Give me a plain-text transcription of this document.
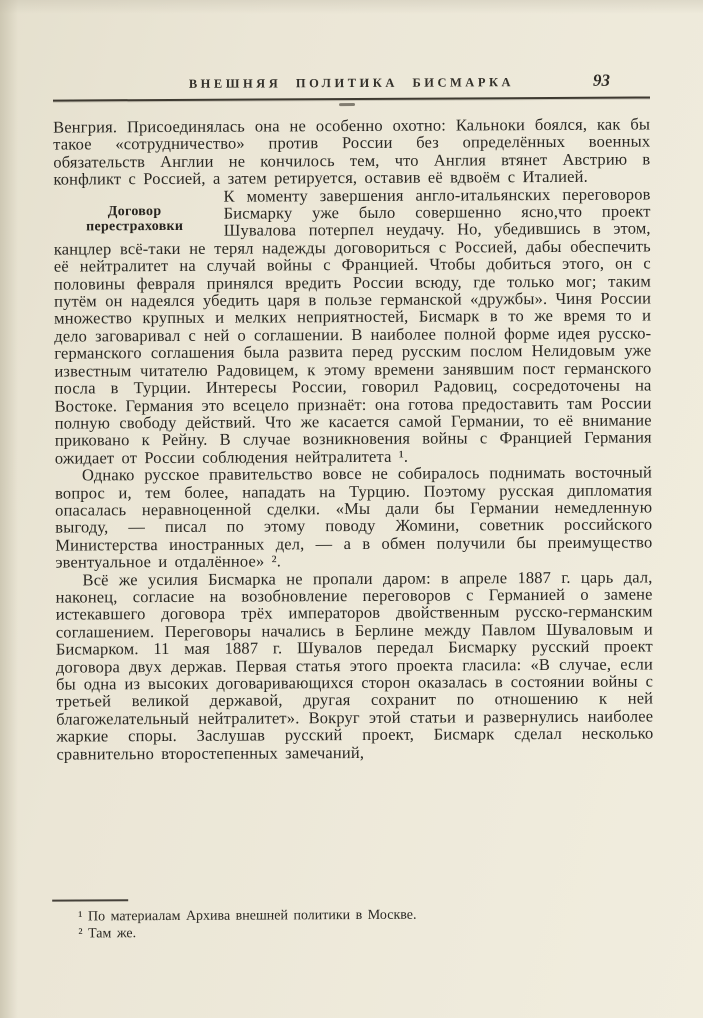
ВНЕШНЯЯ ПОЛИТИКА БИСМАРКА	93

Венгрия. Присоединялась она не особенно охотно: Кальноки боялся, как бы такое «сотрудничество» против России без определённых военных обязательств Англии не кончилось тем, что Англия втянет Австрию в конфликт с Россией, а затем ретируется, оставив её вдвоём с Италией.

Договор
перестраховки

К моменту завершения англо-итальянских переговоров Бисмарку уже было совершенно ясно,что проект Шувалова потерпел неудачу. Но, убедившись в этом, канцлер всё-таки не терял надежды договориться с Россией, дабы обеспечить её нейтралитет на случай войны с Францией. Чтобы добиться этого, он с половины февраля принялся вредить России всюду, где только мог; таким путём он надеялся убедить царя в пользе германской «дружбы». Чиня России множество крупных и мелких неприятностей, Бисмарк в то же время то и дело заговаривал с ней о соглашении. В наиболее полной форме идея русско-германского соглашения была развита перед русским послом Нелидовым уже известным читателю Радовицем, к этому времени занявшим пост германского посла в Турции. Интересы России, говорил Радовиц, сосредоточены на Востоке. Германия это всецело признаёт: она готова предоставить там России полную свободу действий. Что же касается самой Германии, то её внимание приковано к Рейну. В случае возникновения войны с Францией Германия ожидает от России соблюдения нейтралитета ¹.

Однако русское правительство вовсе не собиралось поднимать восточный вопрос и, тем более, нападать на Турцию. Поэтому русская дипломатия опасалась неравноценной сделки. «Мы дали бы Германии немедленную выгоду, — писал по этому поводу Жомини, советник российского Министерства иностранных дел, — а в обмен получили бы преимущество эвентуальное и отдалённое» ².

Всё же усилия Бисмарка не пропали даром: в апреле 1887 г. царь дал, наконец, согласие на возобновление переговоров с Германией о замене истекавшего договора трёх императоров двойственным русско-германским соглашением. Переговоры начались в Берлине между Павлом Шуваловым и Бисмарком. 11 мая 1887 г. Шувалов передал Бисмарку русский проект договора двух держав. Первая статья этого проекта гласила: «В случае, если бы одна из высоких договаривающихся сторон оказалась в состоянии войны с третьей великой державой, другая сохранит по отношению к ней благожелательный нейтралитет». Вокруг этой статьи и развернулись наиболее жаркие споры. Заслушав русский проект, Бисмарк сделал несколько сравнительно второстепенных замечаний,

¹ По материалам Архива внешней политики в Москве.

² Там же.
